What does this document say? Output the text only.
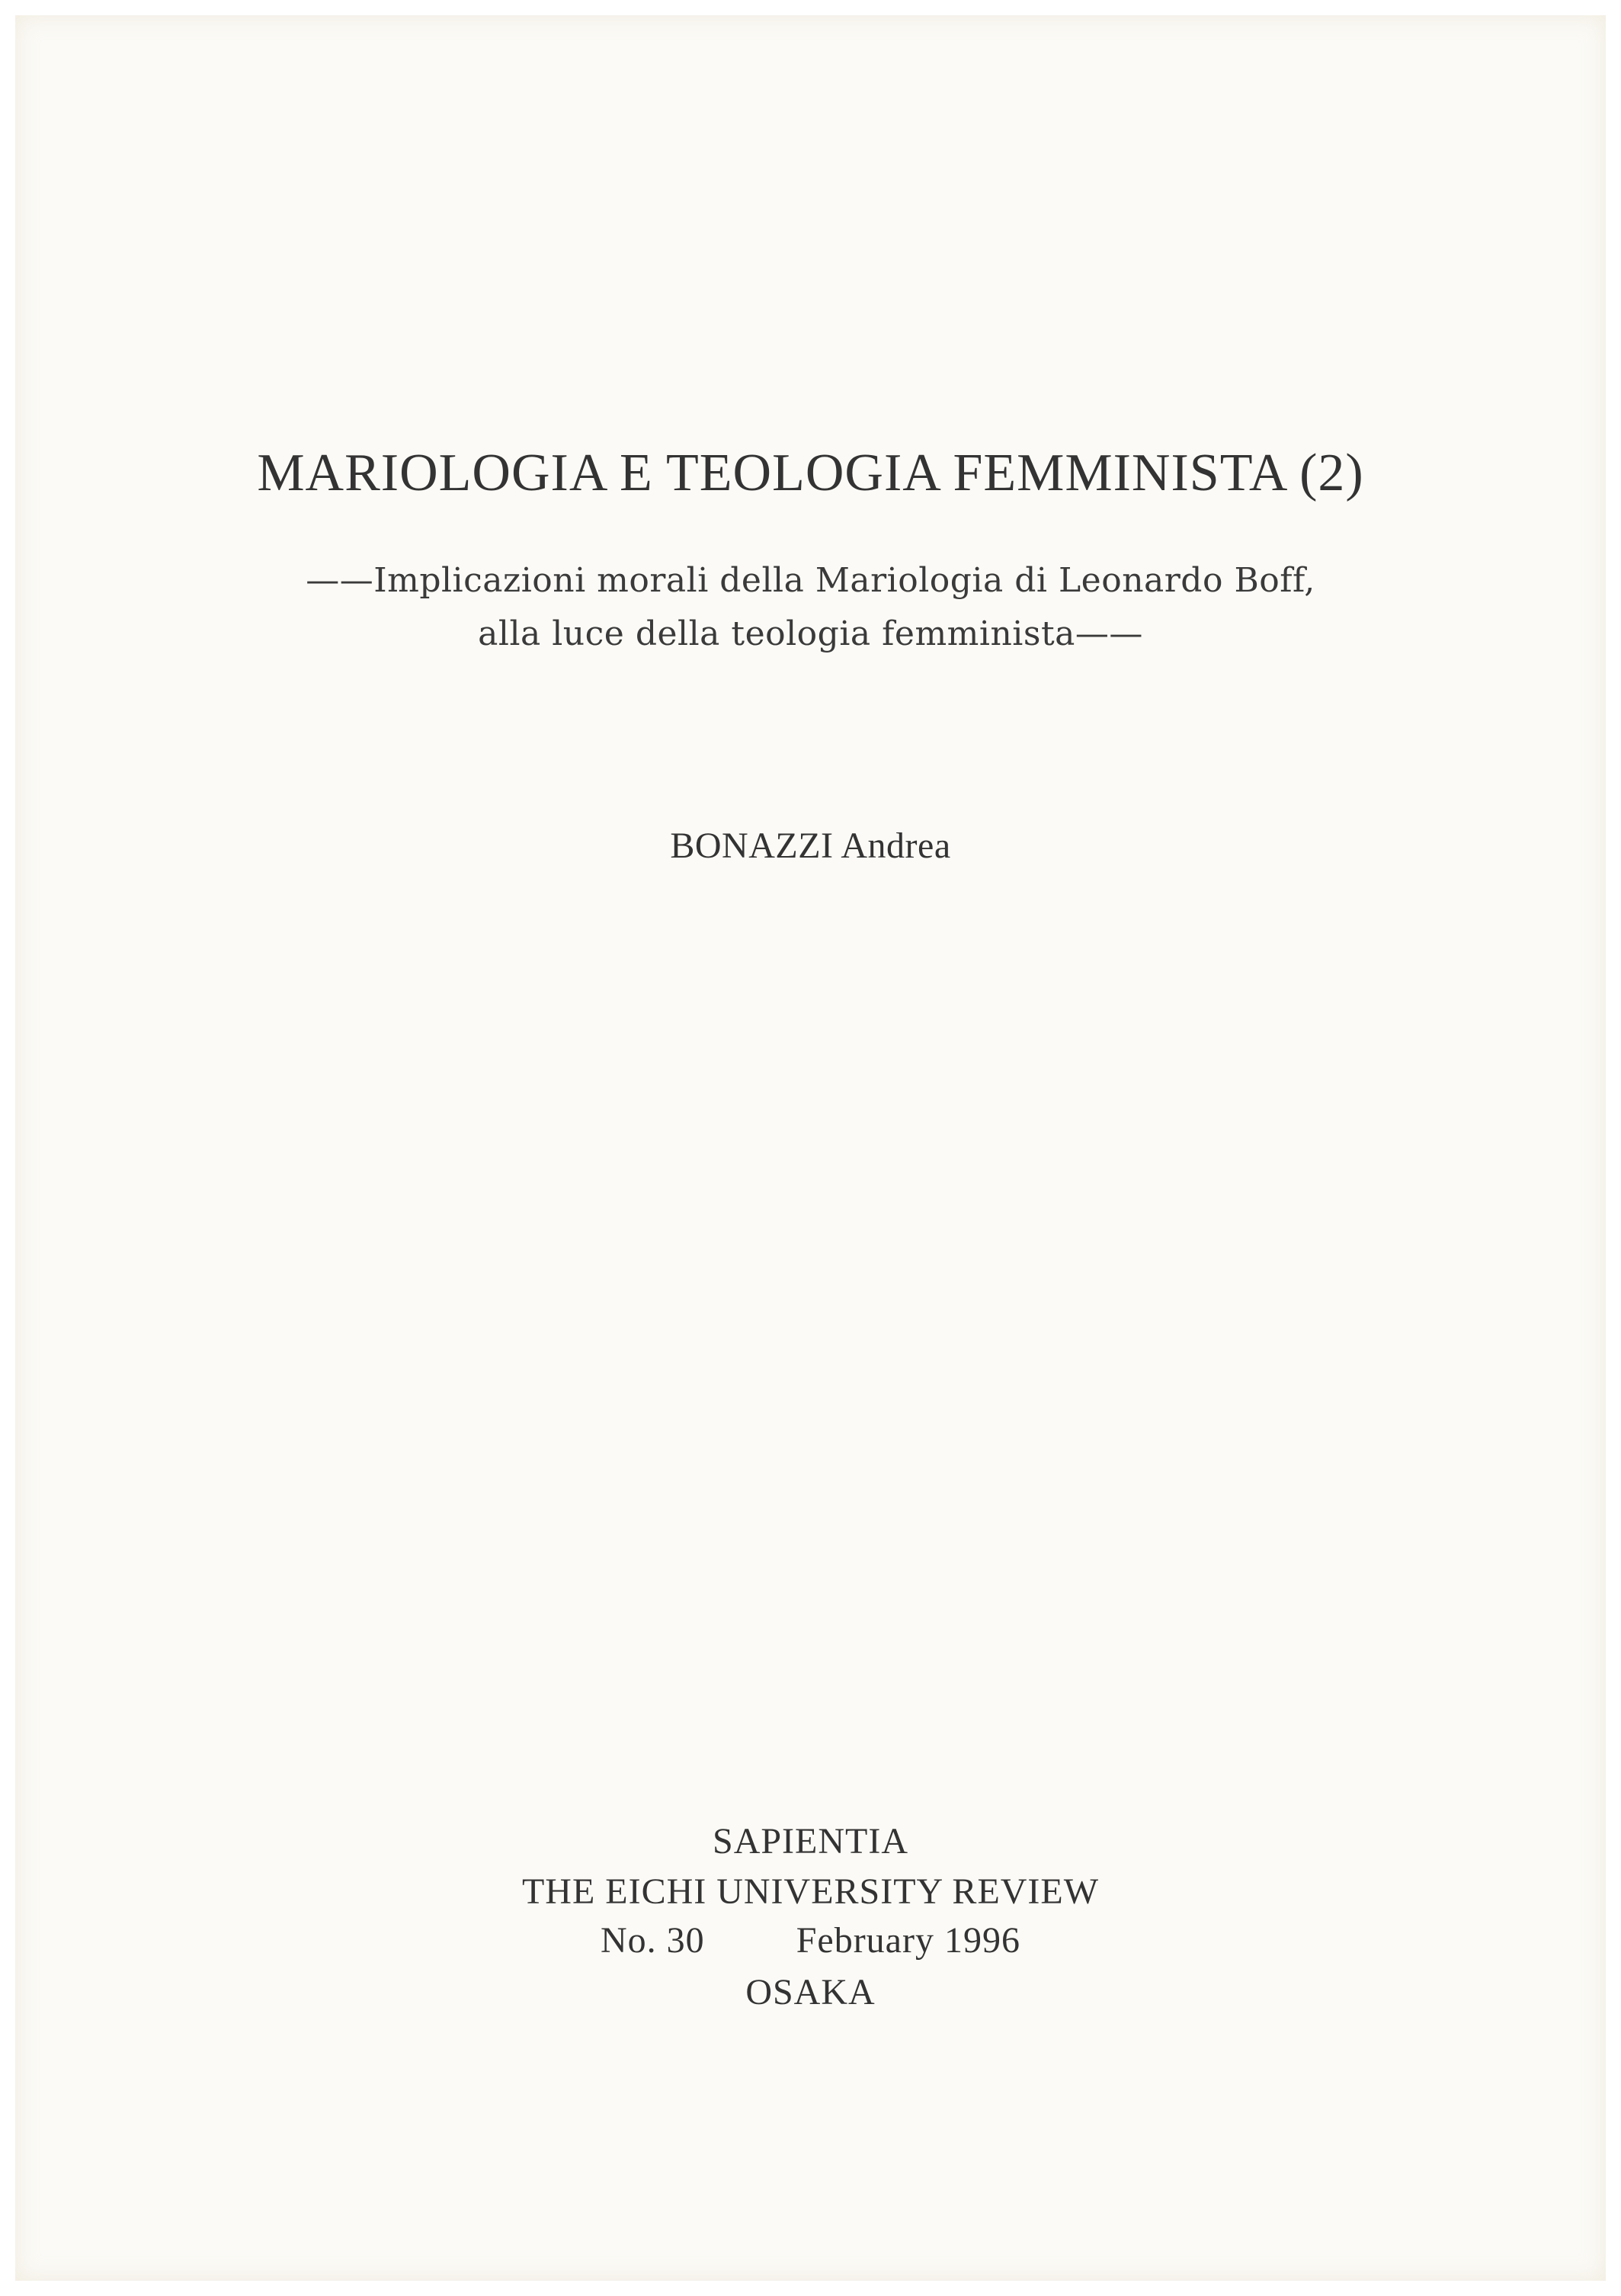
MARIOLOGIA E TEOLOGIA FEMMINISTA (2)
——Implicazioni morali della Mariologia di Leonardo Boff,
alla luce della teologia femminista——
BONAZZI Andrea
SAPIENTIA
THE EICHI UNIVERSITY REVIEW
No. 30	February 1996
OSAKA
